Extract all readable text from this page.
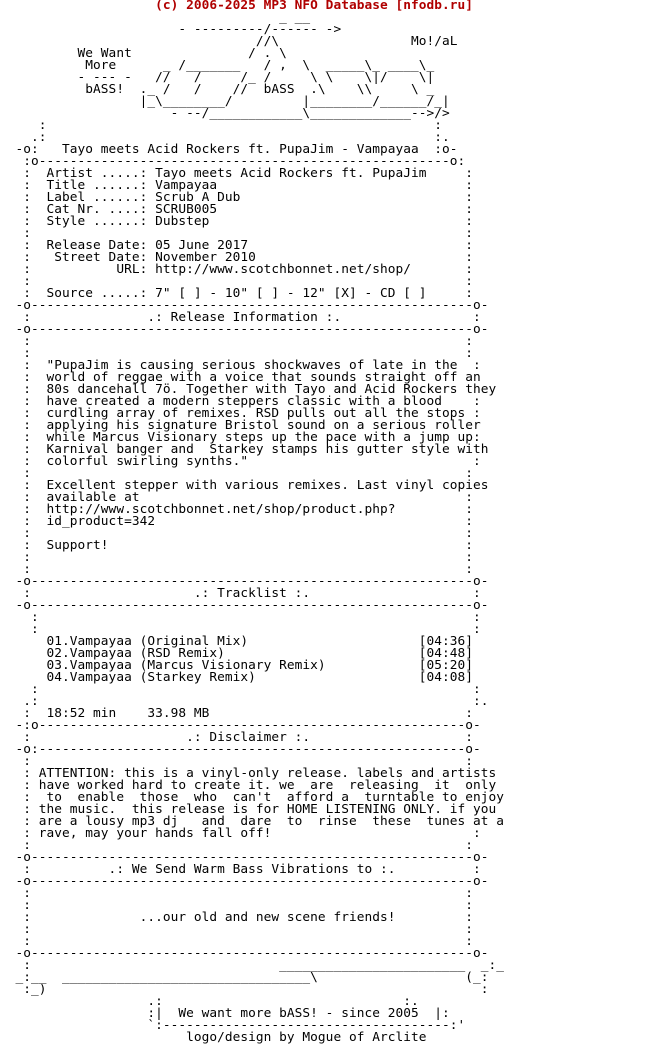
(c) 2006-2025 MP3 NFO Database [nfodb.ru]
_ __
- ---------/------ ->
//\                 Mo!/aL
We Want               / . \
More      _ /_______   / ,  \  _____\_ ____\_
- --- -   //   /     /_ /     \ \    \|/    \|
bASS!  ._ /   /    //  bASS  .\    \\     \ _
|_\________/         |________/______/_|
- --/____________\_____________-->/>
:                                                  :
.:                                                  :.
-o:   Tayo meets Acid Rockers ft. PupaJim - Vampayaa  :o-
:o-----------------------------------------------------o:
:  Artist .....: Tayo meets Acid Rockers ft. PupaJim     :
:  Title ......: Vampayaa                                :
:  Label ......: Scrub A Dub                             :
:  Cat Nr. ....: SCRUB005                                :
:  Style ......: Dubstep                                 :
:                                                        :
:  Release Date: 05 June 2017                            :
:   Street Date: November 2010                           :
:           URL: http://www.scotchbonnet.net/shop/       :
:                                                        :
:  Source .....: 7" [ ] - 10" [ ] - 12" [X] - CD [ ]     :
-o---------------------------------------------------------o-
:               .: Release Information :.                 :
-o---------------------------------------------------------o-
:                                                        :
:                                                        :
:  "PupaJim is causing serious shockwaves of late in the  :
:  world of reggae with a voice that sounds straight off an
:  80s dancehall 7ö. Together with Tayo and Acid Rockers they
:  have created a modern steppers classic with a blood    :
:  curdling array of remixes. RSD pulls out all the stops :
:  applying his signature Bristol sound on a serious roller
:  while Marcus Visionary steps up the pace with a jump up:
:  Karnival banger and  Starkey stamps his gutter style with
:  colorful swirling synths."                             :
:                                                        :
:  Excellent stepper with various remixes. Last vinyl copies
:  available at                                          :
:  http://www.scotchbonnet.net/shop/product.php?         :
:  id_product=342                                        :
:                                                        :
:  Support!                                              :
:                                                        :
:                                                        :
-o---------------------------------------------------------o-
:                     .: Tracklist :.                     :
-o---------------------------------------------------------o-
:                                                        :
:                                                        :
01.Vampayaa (Original Mix)                      [04:36]
02.Vampayaa (RSD Remix)                         [04:48]
03.Vampayaa (Marcus Visionary Remix)            [05:20]
04.Vampayaa (Starkey Remix)                     [04:08]
:                                                        :
.:                                                        :.
:  18:52 min    33.98 MB                                 :
-:o-------------------------------------------------------o-
:                    .: Disclaimer :.                    :
-o:-------------------------------------------------------o-
:                                                        :
: ATTENTION: this is a vinyl-only release. labels and artists
: have worked hard to create it. we  are  releasing  it  only
:  to  enable  those  who  can't  afford a  turntable to enjoy
: the music.  this release is for HOME LISTENING ONLY. if you
: are a lousy mp3 dj   and  dare  to  rinse  these  tunes at a
: rave, may your hands fall off!                          :
:                                                        :
-o---------------------------------------------------------o-
:          .: We Send Warm Bass Vibrations to :.          :
-o---------------------------------------------------------o-
:                                                        :
:                                                        :
:              ...our old and new scene friends!         :
:                                                        :
:                                                        :
-o---------------------------------------------------------o-
:                                ________________________  _:_
_:__  ________________________________\                   (_:
:_)                                                        :
.:                               :.
:|  We want more bASS! - since 2005  |:
`:-------------------------------------:'
logo/design by Mogue of Arclite
